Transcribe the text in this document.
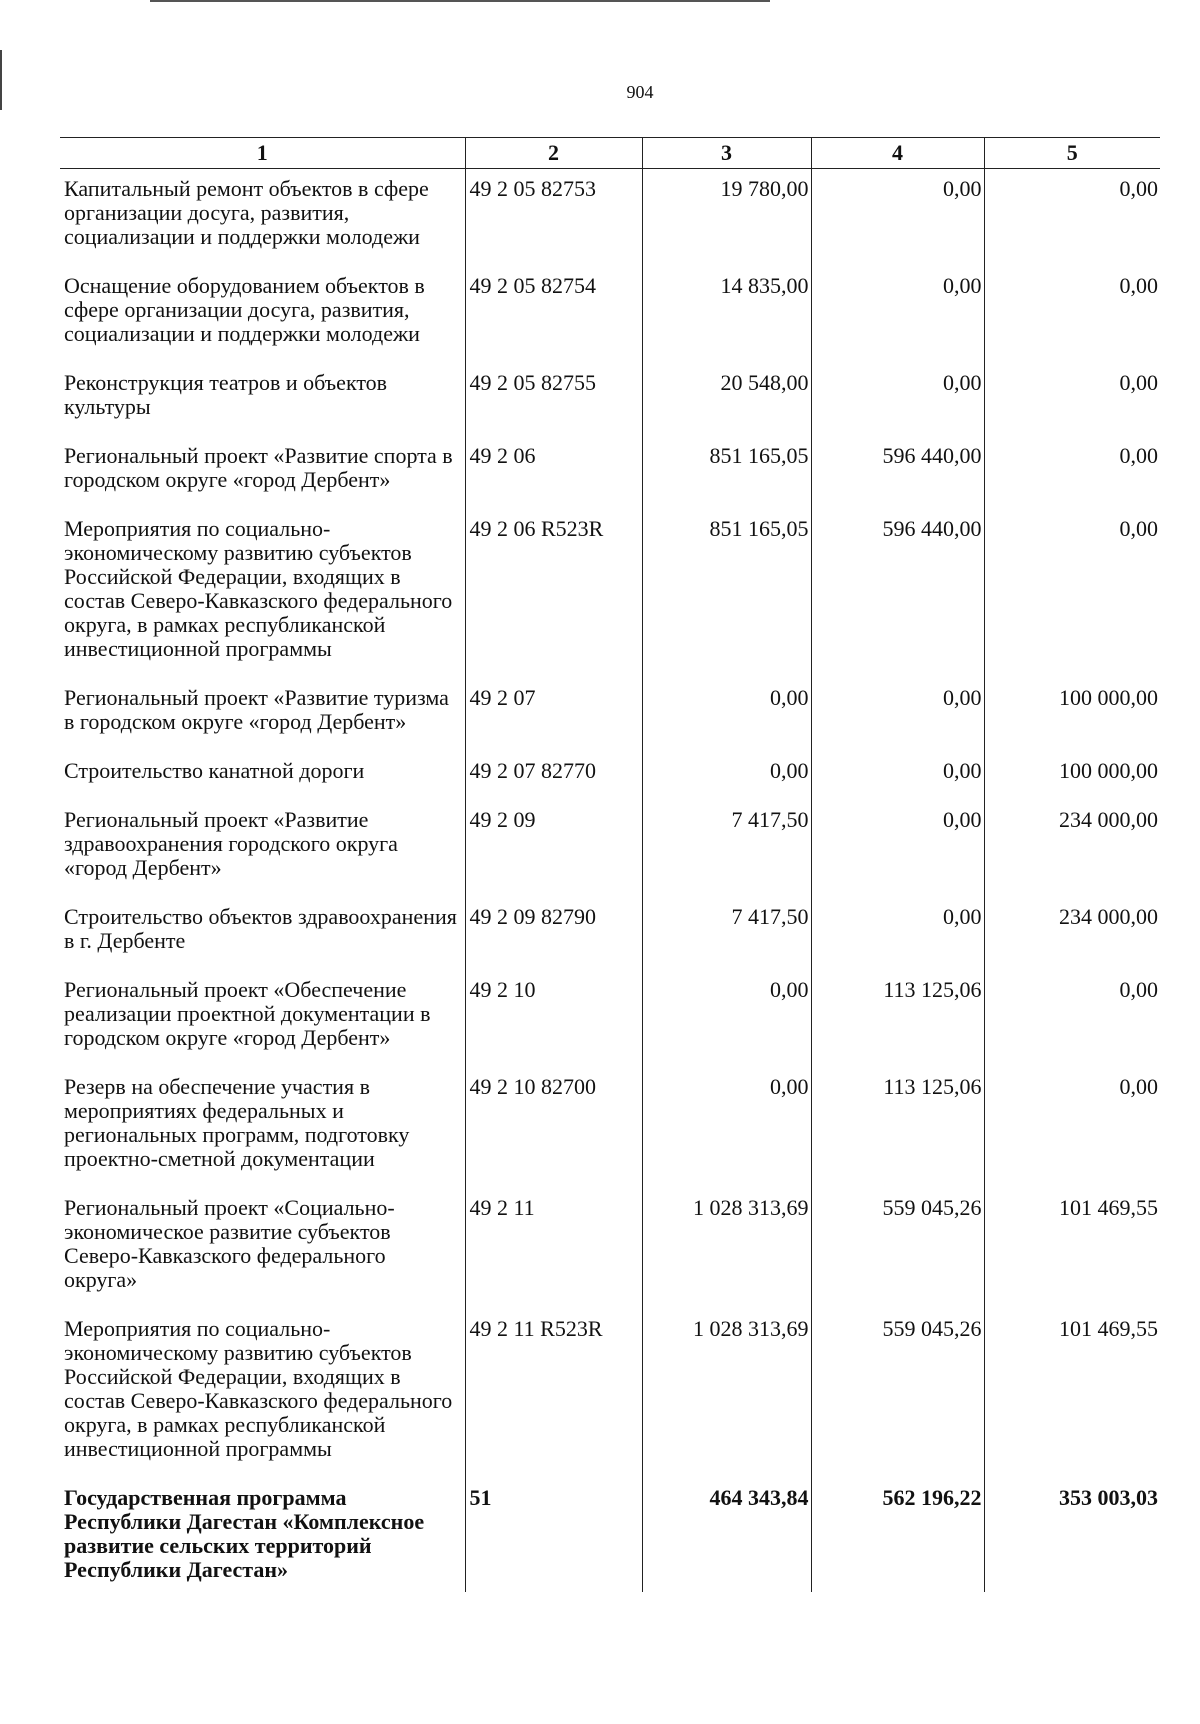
904
1	2	3	4	5
Капитальный ремонт объектов в сфере организации досуга, развития, социализации и поддержки молодежи	49 2 05 82753	19 780,00	0,00	0,00
Оснащение оборудованием объектов в сфере организации досуга, развития, социализации и поддержки молодежи	49 2 05 82754	14 835,00	0,00	0,00
Реконструкция театров и объектов культуры	49 2 05 82755	20 548,00	0,00	0,00
Региональный проект «Развитие спорта в городском округе «город Дербент»	49 2 06	851 165,05	596 440,00	0,00
Мероприятия по социально-экономическому развитию субъектов Российской Федерации, входящих в состав Северо-Кавказского федерального округа, в рамках республиканской инвестиционной программы	49 2 06 R523R	851 165,05	596 440,00	0,00
Региональный проект «Развитие туризма в городском округе «город Дербент»	49 2 07	0,00	0,00	100 000,00
Строительство канатной дороги	49 2 07 82770	0,00	0,00	100 000,00
Региональный проект «Развитие здравоохранения городского округа «город Дербент»	49 2 09	7 417,50	0,00	234 000,00
Строительство объектов здравоохранения в г. Дербенте	49 2 09 82790	7 417,50	0,00	234 000,00
Региональный проект «Обеспечение реализации проектной документации в городском округе «город Дербент»	49 2 10	0,00	113 125,06	0,00
Резерв на обеспечение участия в мероприятиях федеральных и региональных программ, подготовку проектно-сметной документации	49 2 10 82700	0,00	113 125,06	0,00
Региональный проект «Социально-экономическое развитие субъектов Северо-Кавказского федерального округа»	49 2 11	1 028 313,69	559 045,26	101 469,55
Мероприятия по социально-экономическому развитию субъектов Российской Федерации, входящих в состав Северо-Кавказского федерального округа, в рамках республиканской инвестиционной программы	49 2 11 R523R	1 028 313,69	559 045,26	101 469,55
Государственная программа Республики Дагестан «Комплексное развитие сельских территорий Республики Дагестан»	51	464 343,84	562 196,22	353 003,03
